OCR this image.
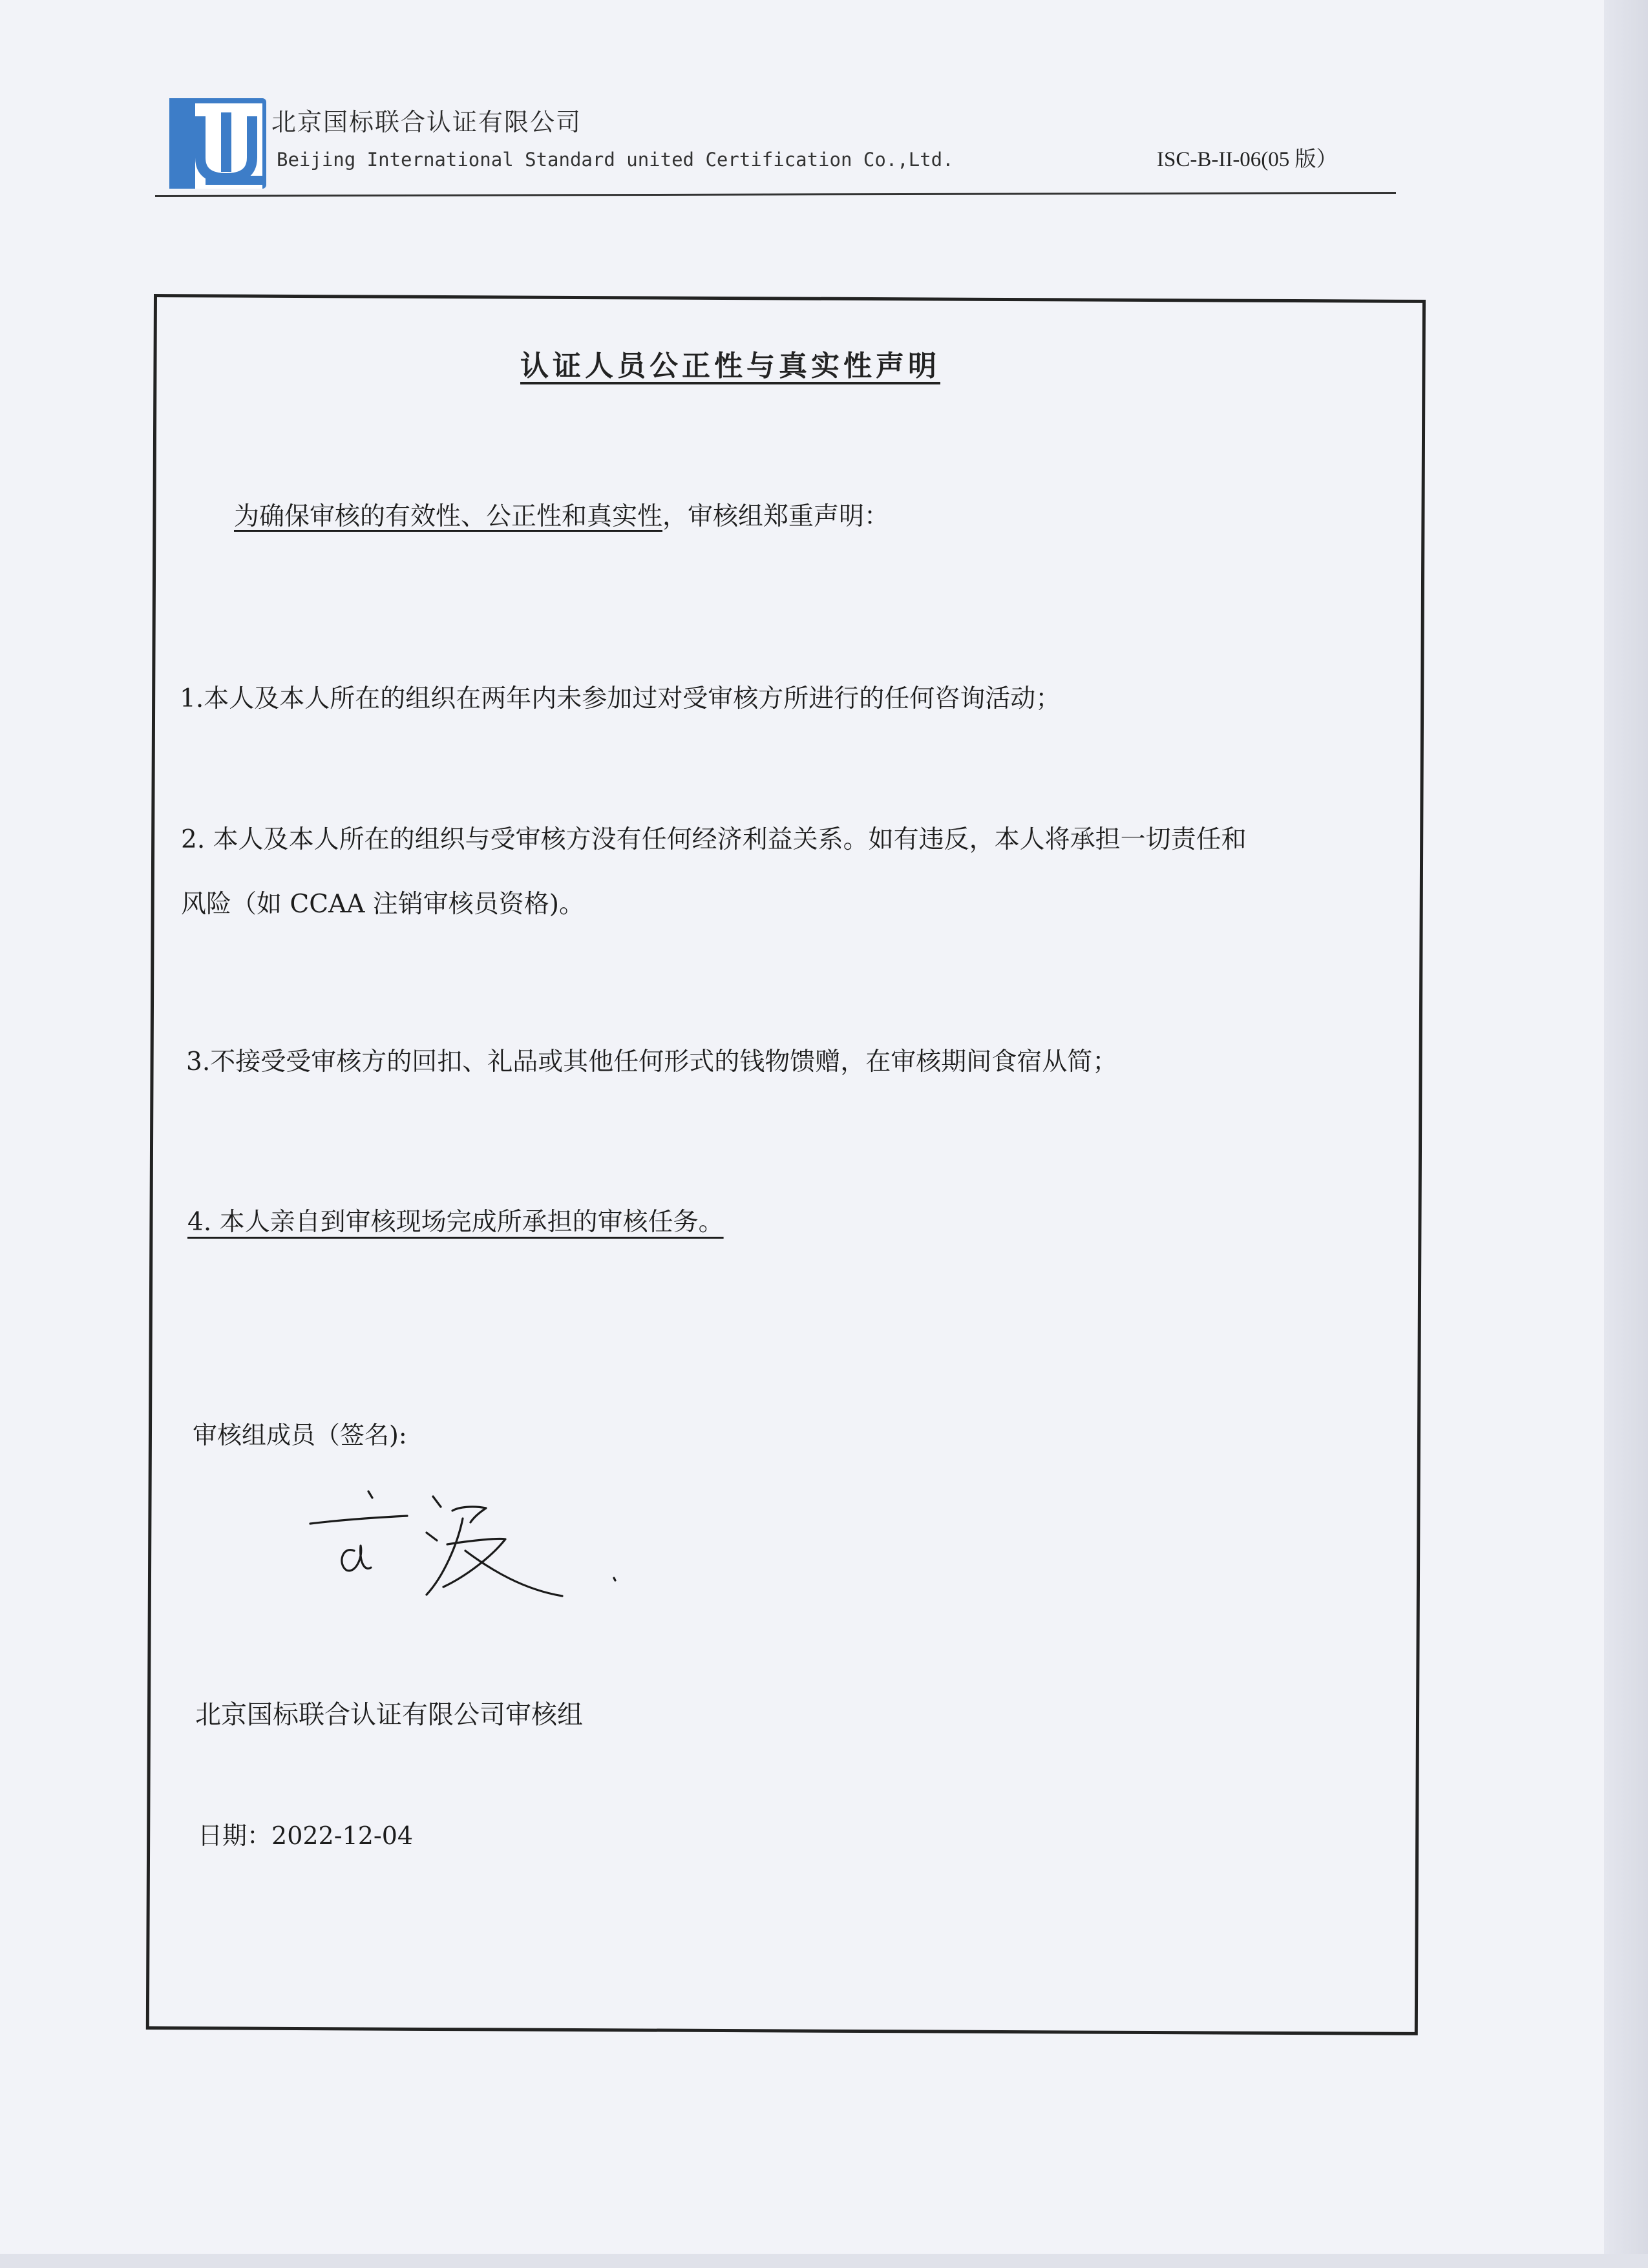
北京国标联合认证有限公司
Beijing International Standard united Certification Co.,Ltd.	ISC-B-II-06(05 版）
认证人员公正性与真实性声明
为确保审核的有效性、公正性和真实性，审核组郑重声明：
1.本人及本人所在的组织在两年内未参加过对受审核方所进行的任何咨询活动；
2. 本人及本人所在的组织与受审核方没有任何经济利益关系。如有违反，本人将承担一切责任和
风险（如 CCAA 注销审核员资格)。
3.不接受受审核方的回扣、礼品或其他任何形式的钱物馈赠，在审核期间食宿从简；
4. 本人亲自到审核现场完成所承担的审核任务。
审核组成员（签名):
北京国标联合认证有限公司审核组
日期：2022-12-04
